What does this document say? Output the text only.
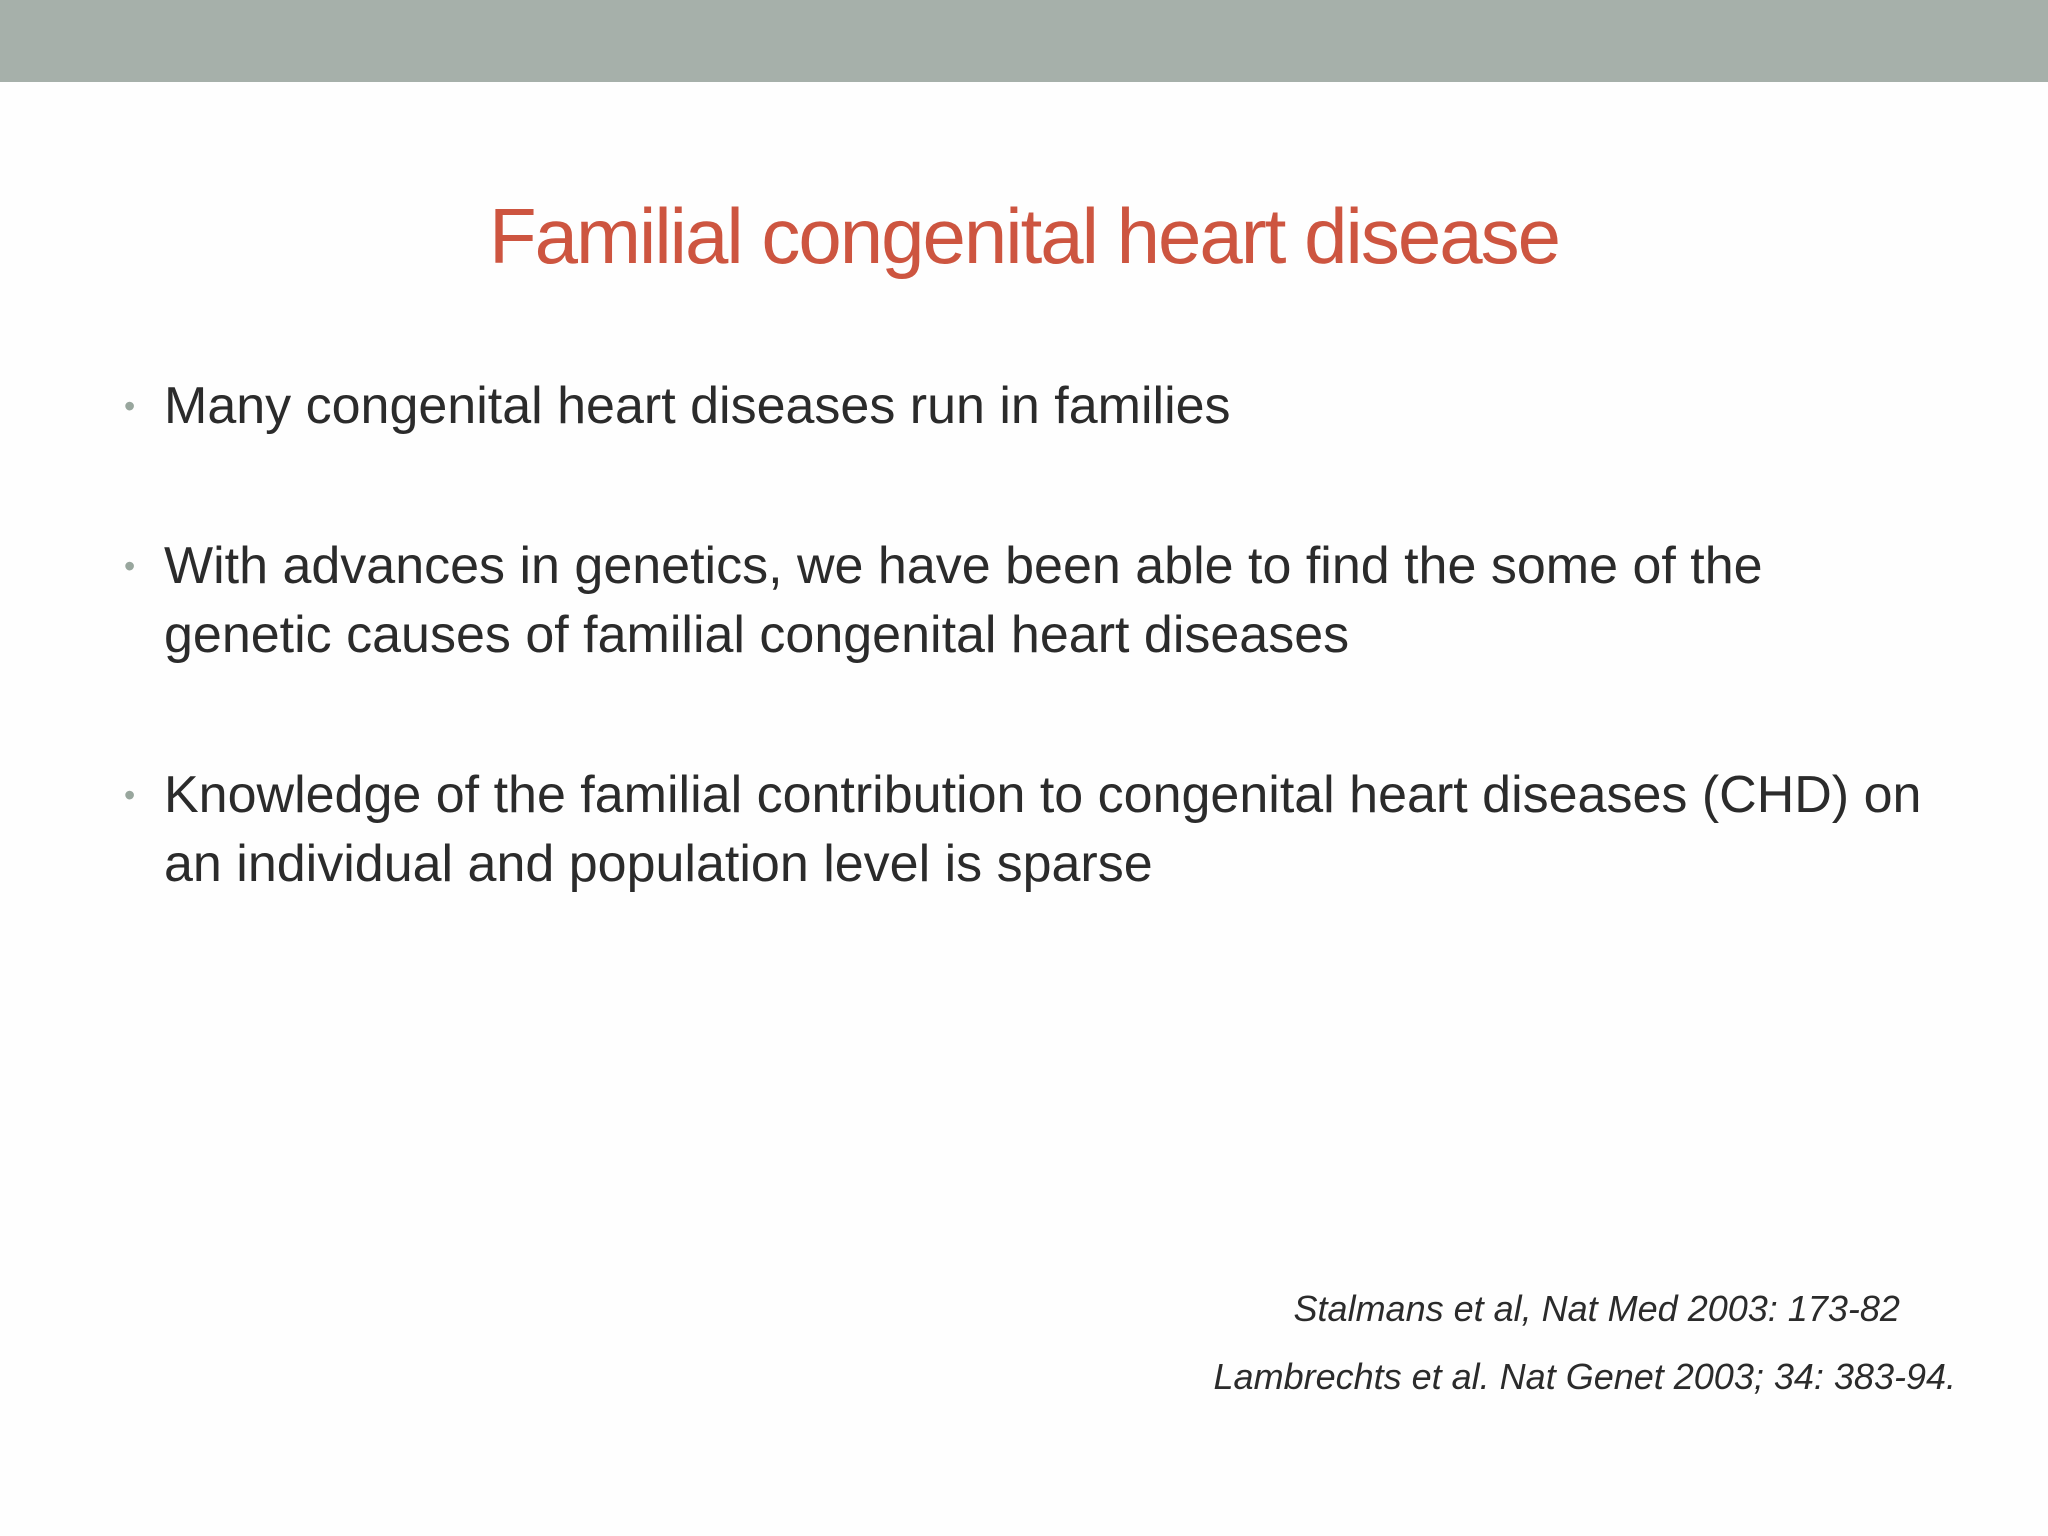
Familial congenital heart disease
• Many congenital heart diseases run in families
• With advances in genetics, we have been able to find the some of the genetic causes of familial congenital heart diseases
• Knowledge of the familial contribution to congenital heart diseases (CHD) on an individual and population level is sparse
Stalmans et al, Nat Med 2003: 173-82
Lambrechts et al. Nat Genet 2003; 34: 383-94.
